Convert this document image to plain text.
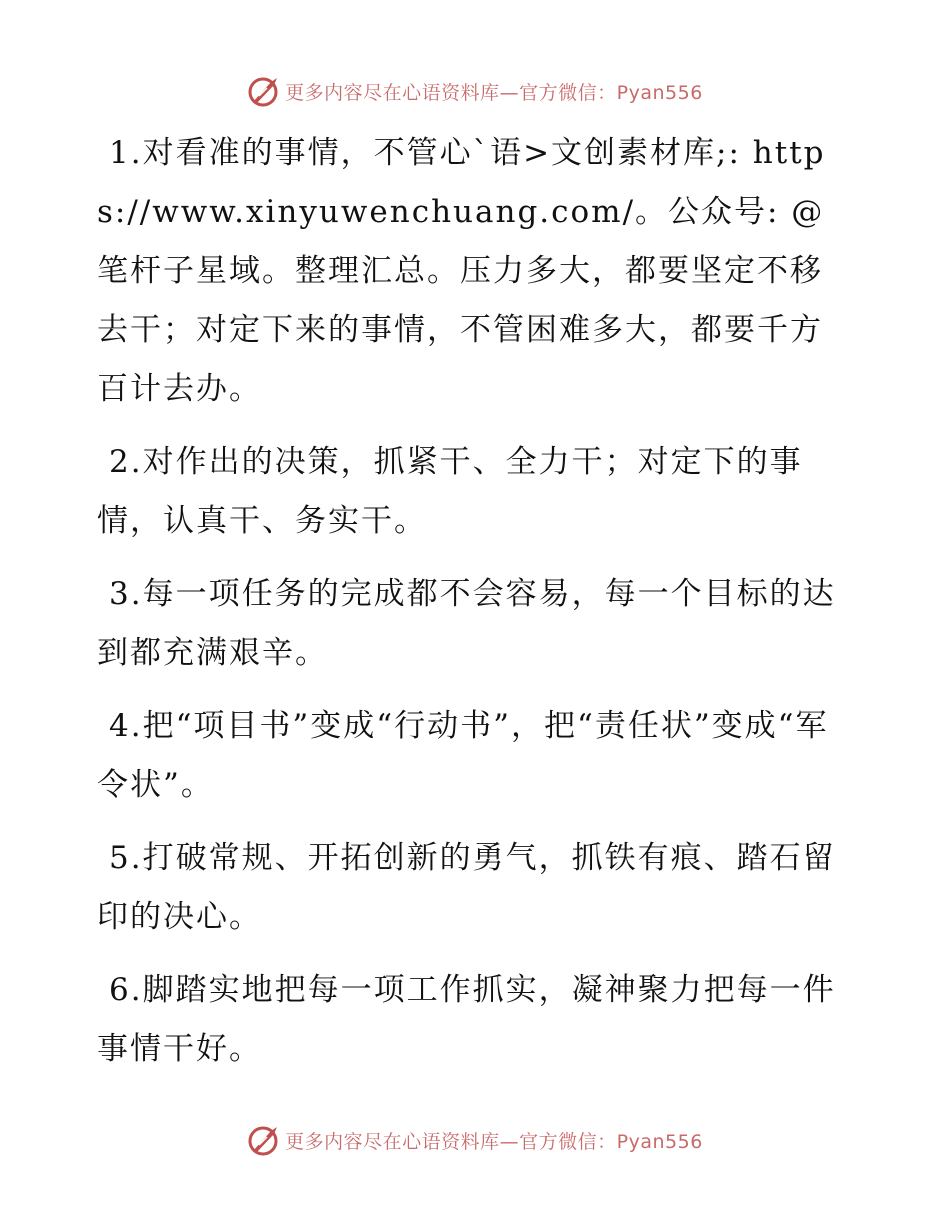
更多内容尽在心语资料库—官方微信：Pyan556

1.对看准的事情，不管心`语>文创素材库;: https://www.xinyuwenchuang.com/。公众号: @笔杆子星域。整理汇总。压力多大，都要坚定不移去干；对定下来的事情，不管困难多大，都要千方百计去办。

2.对作出的决策，抓紧干、全力干；对定下的事情，认真干、务实干。

3.每一项任务的完成都不会容易，每一个目标的达到都充满艰辛。

4.把“项目书”变成“行动书”，把“责任状”变成“军令状”。

5.打破常规、开拓创新的勇气，抓铁有痕、踏石留印的决心。

6.脚踏实地把每一项工作抓实，凝神聚力把每一件事情干好。

更多内容尽在心语资料库—官方微信：Pyan556
